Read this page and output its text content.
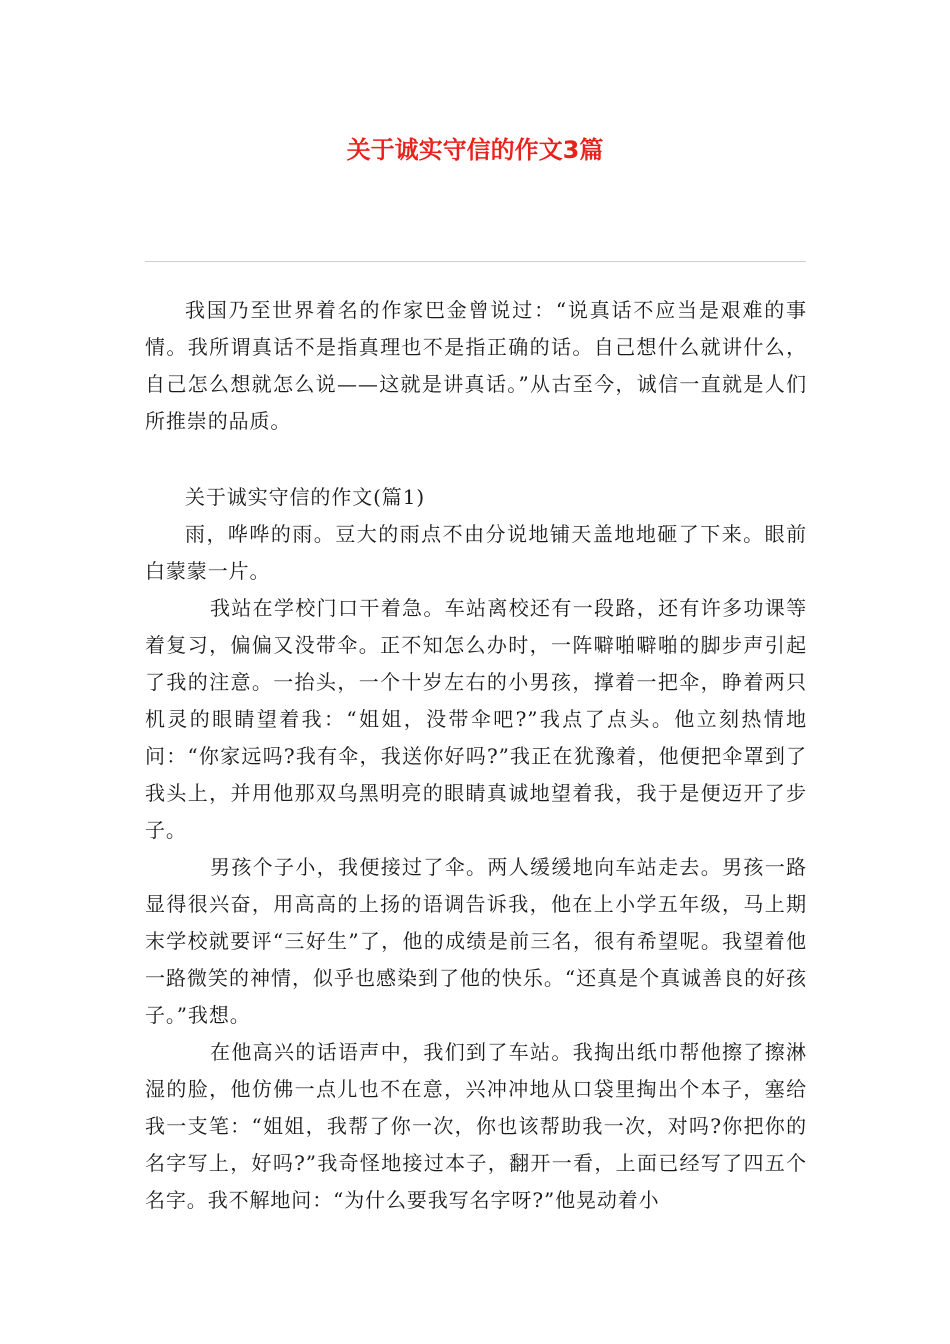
关于诚实守信的作文3篇

我国乃至世界着名的作家巴金曾说过：“说真话不应当是艰难的事情。我所谓真话不是指真理也不是指正确的话。自己想什么就讲什么，自己怎么想就怎么说——这就是讲真话。”从古至今，诚信一直就是人们所推崇的品质。

关于诚实守信的作文(篇1)

雨，哗哗的雨。豆大的雨点不由分说地铺天盖地地砸了下来。眼前白蒙蒙一片。

我站在学校门口干着急。车站离校还有一段路，还有许多功课等着复习，偏偏又没带伞。正不知怎么办时，一阵噼啪噼啪的脚步声引起了我的注意。一抬头，一个十岁左右的小男孩，撑着一把伞，睁着两只机灵的眼睛望着我：“姐姐，没带伞吧?”我点了点头。他立刻热情地问：“你家远吗?我有伞，我送你好吗?”我正在犹豫着，他便把伞罩到了我头上，并用他那双乌黑明亮的眼睛真诚地望着我，我于是便迈开了步子。

男孩个子小，我便接过了伞。两人缓缓地向车站走去。男孩一路显得很兴奋，用高高的上扬的语调告诉我，他在上小学五年级，马上期末学校就要评“三好生”了，他的成绩是前三名，很有希望呢。我望着他一路微笑的神情，似乎也感染到了他的快乐。“还真是个真诚善良的好孩子。”我想。

在他高兴的话语声中，我们到了车站。我掏出纸巾帮他擦了擦淋湿的脸，他仿佛一点儿也不在意，兴冲冲地从口袋里掏出个本子，塞给我一支笔：“姐姐，我帮了你一次，你也该帮助我一次，对吗?你把你的名字写上，好吗?”我奇怪地接过本子，翻开一看，上面已经写了四五个名字。我不解地问：“为什么要我写名字呀?”他晃动着小
